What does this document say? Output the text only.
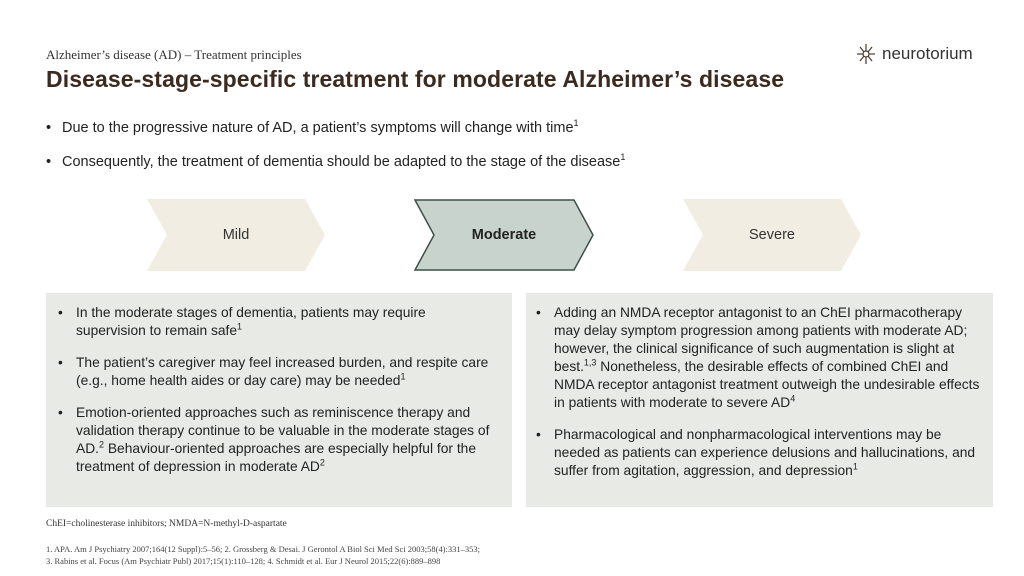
Alzheimer’s disease (AD) – Treatment principles
Disease-stage-specific treatment for moderate Alzheimer’s disease
neurotorium
• Due to the progressive nature of AD, a patient’s symptoms will change with time$^1$
• Consequently, the treatment of dementia should be adapted to the stage of the disease$^1$
Mild	Moderate	Severe
• In the moderate stages of dementia, patients may require supervision to remain safe$^1$
• The patient’s caregiver may feel increased burden, and respite care (e.g., home health aides or day care) may be needed$^1$
• Emotion-oriented approaches such as reminiscence therapy and validation therapy continue to be valuable in the moderate stages of AD.$^2$ Behaviour-oriented approaches are especially helpful for the treatment of depression in moderate $AD^2$
• Adding an NMDA receptor antagonist to an ChEI pharmacotherapy may delay symptom progression among patients with moderate AD; however, the clinical significance of such augmentation is slight at best.$^{1,3}$ Nonetheless, the desirable effects of combined ChEI and NMDA receptor antagonist treatment outweigh the undesirable effects in patients with moderate to severe $AD^4$
• Pharmacological and nonpharmacological interventions may be needed as patients can experience delusions and hallucinations, and suffer from agitation, aggression, and depression$^1$
ChEI=cholinesterase inhibitors; NMDA=N-methyl-D-aspartate
1. APA. Am J Psychiatry 2007;164(12 Suppl):5–56; 2. Grossberg & Desai. J Gerontol A Biol Sci Med Sci 2003;58(4):331–353;
3. Rabins et al. Focus (Am Psychiatr Publ) 2017;15(1):110–128; 4. Schmidt et al. Eur J Neurol 2015;22(6):889–898
